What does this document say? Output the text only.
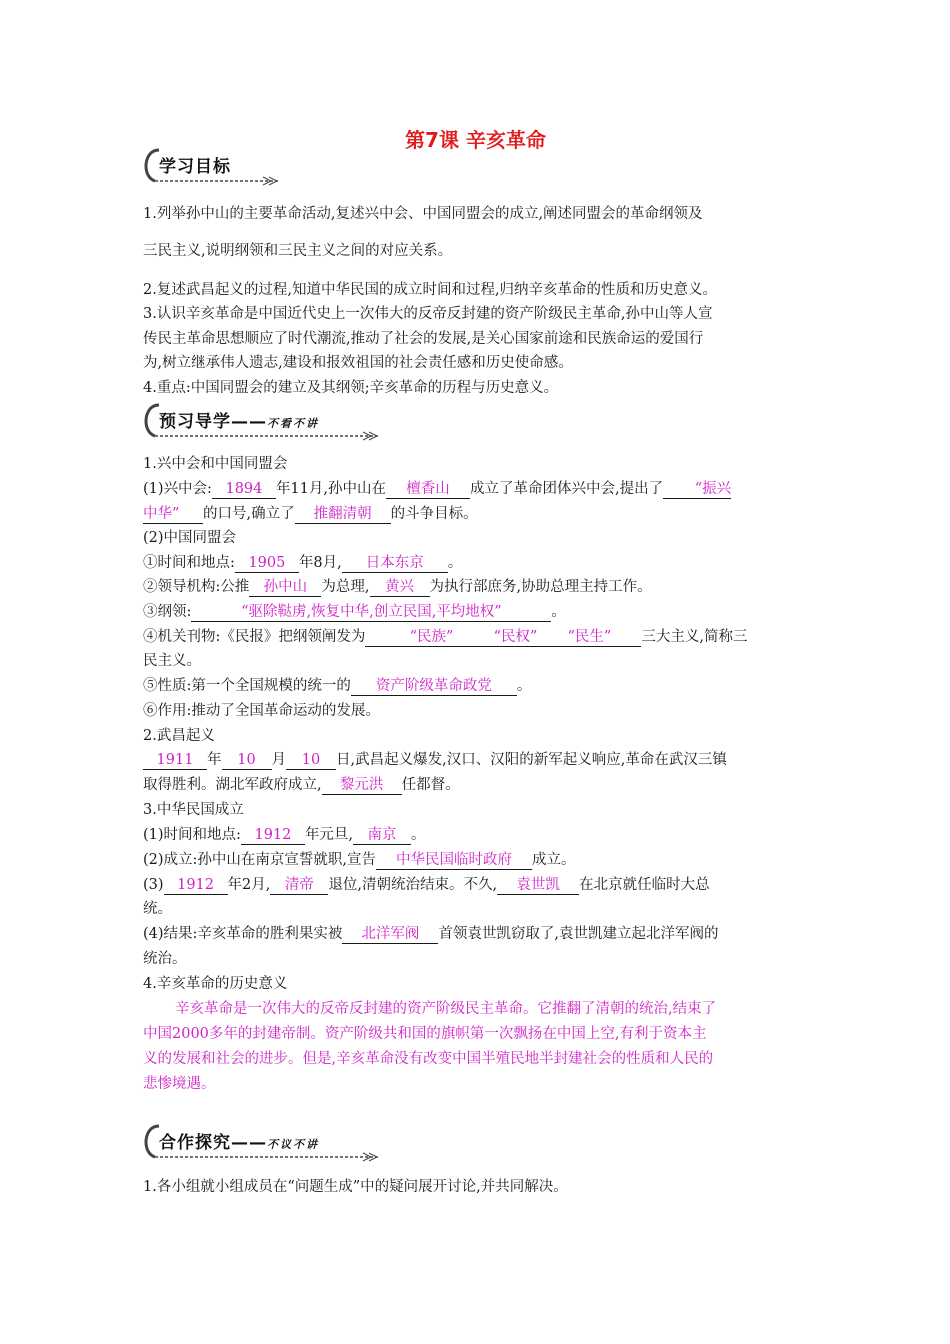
第7课 辛亥革命
学习目标
1.列举孙中山的主要革命活动,复述兴中会、中国同盟会的成立,阐述同盟会的革命纲领及
三民主义,说明纲领和三民主义之间的对应关系。
2.复述武昌起义的过程,知道中华民国的成立时间和过程,归纳辛亥革命的性质和历史意义。
3.认识辛亥革命是中国近代史上一次伟大的反帝反封建的资产阶级民主革命,孙中山等人宣
传民主革命思想顺应了时代潮流,推动了社会的发展,是关心国家前途和民族命运的爱国行
为,树立继承伟人遗志,建设和报效祖国的社会责任感和历史使命感。
4.重点:中国同盟会的建立及其纲领;辛亥革命的历程与历史意义。
预习导学——不看不讲
1.兴中会和中国同盟会
(1)兴中会: 1894 年11月,孙中山在 檀香山 成立了革命团体兴中会,提出了 “振兴
中华” 的口号,确立了 推翻清朝 的斗争目标。
(2)中国同盟会
①时间和地点: 1905 年8月, 日本东京 。
②领导机构:公推 孙中山 为总理, 黄兴 为执行部庶务,协助总理主持工作。
③纲领:	“驱除鞑虏,恢复中华,创立民国,平均地权”	。
④机关刊物:《民报》把纲领阐发为	“民族”	“民权” “民生” 三大主义,简称三
民主义。
⑤性质:第一个全国规模的统一的 资产阶级革命政党 。
⑥作用:推动了全国革命运动的发展。
2.武昌起义
1911 年 10 月 10 日,武昌起义爆发,汉口、汉阳的新军起义响应,革命在武汉三镇
取得胜利。湖北军政府成立, 黎元洪 任都督。
3.中华民国成立
(1)时间和地点: 1912 年元旦, 南京 。
(2)成立:孙中山在南京宣誓就职,宣告 中华民国临时政府 成立。
(3) 1912 年2月, 清帝 退位,清朝统治结束。不久, 袁世凯 在北京就任临时大总
统。
(4)结果:辛亥革命的胜利果实被 北洋军阀 首领袁世凯窃取了,袁世凯建立起北洋军阀的
统治。
4.辛亥革命的历史意义
辛亥革命是一次伟大的反帝反封建的资产阶级民主革命。它推翻了清朝的统治,结束了
中国2000多年的封建帝制。资产阶级共和国的旗帜第一次飘扬在中国上空,有利于资本主
义的发展和社会的进步。但是,辛亥革命没有改变中国半殖民地半封建社会的性质和人民的
悲惨境遇。
合作探究——不议不讲
1.各小组就小组成员在“问题生成”中的疑问展开讨论,并共同解决。
